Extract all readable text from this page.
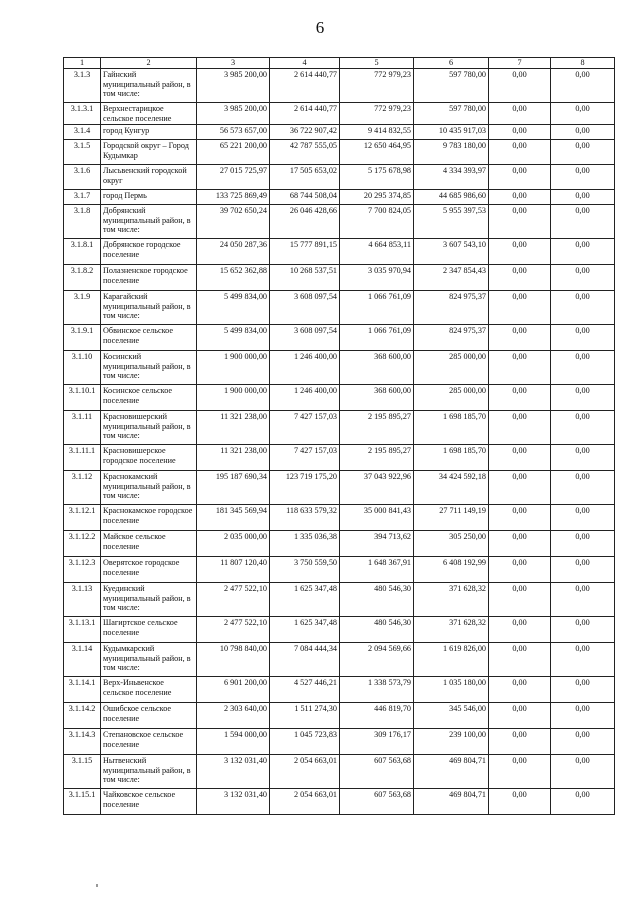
6
1	2	3	4	5	6	7	8
3.1.3	Гайнский муниципальный район, в том числе:	3 985 200,00	2 614 440,77	772 979,23	597 780,00	0,00	0,00
3.1.3.1	Верхнестарицкое сельское поселение	3 985 200,00	2 614 440,77	772 979,23	597 780,00	0,00	0,00
3.1.4	город Кунгур	56 573 657,00	36 722 907,42	9 414 832,55	10 435 917,03	0,00	0,00
3.1.5	Городской округ – Город Кудымкар	65 221 200,00	42 787 555,05	12 650 464,95	9 783 180,00	0,00	0,00
3.1.6	Лысьвенский городской округ	27 015 725,97	17 505 653,02	5 175 678,98	4 334 393,97	0,00	0,00
3.1.7	город Пермь	133 725 869,49	68 744 508,04	20 295 374,85	44 685 986,60	0,00	0,00
3.1.8	Добрянский муниципальный район, в том числе:	39 702 650,24	26 046 428,66	7 700 824,05	5 955 397,53	0,00	0,00
3.1.8.1	Добрянское городское поселение	24 050 287,36	15 777 891,15	4 664 853,11	3 607 543,10	0,00	0,00
3.1.8.2	Полазненское городское поселение	15 652 362,88	10 268 537,51	3 035 970,94	2 347 854,43	0,00	0,00
3.1.9	Карагайский муниципальный район, в том числе:	5 499 834,00	3 608 097,54	1 066 761,09	824 975,37	0,00	0,00
3.1.9.1	Обвинское сельское поселение	5 499 834,00	3 608 097,54	1 066 761,09	824 975,37	0,00	0,00
3.1.10	Косинский муниципальный район, в том числе:	1 900 000,00	1 246 400,00	368 600,00	285 000,00	0,00	0,00
3.1.10.1	Косинское сельское поселение	1 900 000,00	1 246 400,00	368 600,00	285 000,00	0,00	0,00
3.1.11	Красновишерский муниципальный район, в том числе:	11 321 238,00	7 427 157,03	2 195 895,27	1 698 185,70	0,00	0,00
3.1.11.1	Красновишерское городское поселение	11 321 238,00	7 427 157,03	2 195 895,27	1 698 185,70	0,00	0,00
3.1.12	Краснокамский муниципальный район, в том числе:	195 187 690,34	123 719 175,20	37 043 922,96	34 424 592,18	0,00	0,00
3.1.12.1	Краснокамское городское поселение	181 345 569,94	118 633 579,32	35 000 841,43	27 711 149,19	0,00	0,00
3.1.12.2	Майское сельское поселение	2 035 000,00	1 335 036,38	394 713,62	305 250,00	0,00	0,00
3.1.12.3	Оверятское городское поселение	11 807 120,40	3 750 559,50	1 648 367,91	6 408 192,99	0,00	0,00
3.1.13	Куединский муниципальный район, в том числе:	2 477 522,10	1 625 347,48	480 546,30	371 628,32	0,00	0,00
3.1.13.1	Шагиртское сельское поселение	2 477 522,10	1 625 347,48	480 546,30	371 628,32	0,00	0,00
3.1.14	Кудымкарский муниципальный район, в том числе:	10 798 840,00	7 084 444,34	2 094 569,66	1 619 826,00	0,00	0,00
3.1.14.1	Верх-Иньвенское сельское поселение	6 901 200,00	4 527 446,21	1 338 573,79	1 035 180,00	0,00	0,00
3.1.14.2	Ошибское сельское поселение	2 303 640,00	1 511 274,30	446 819,70	345 546,00	0,00	0,00
3.1.14.3	Степановское сельское поселение	1 594 000,00	1 045 723,83	309 176,17	239 100,00	0,00	0,00
3.1.15	Нытвенский муниципальный район, в том числе:	3 132 031,40	2 054 663,01	607 563,68	469 804,71	0,00	0,00
3.1.15.1	Чайковское сельское поселение	3 132 031,40	2 054 663,01	607 563,68	469 804,71	0,00	0,00
